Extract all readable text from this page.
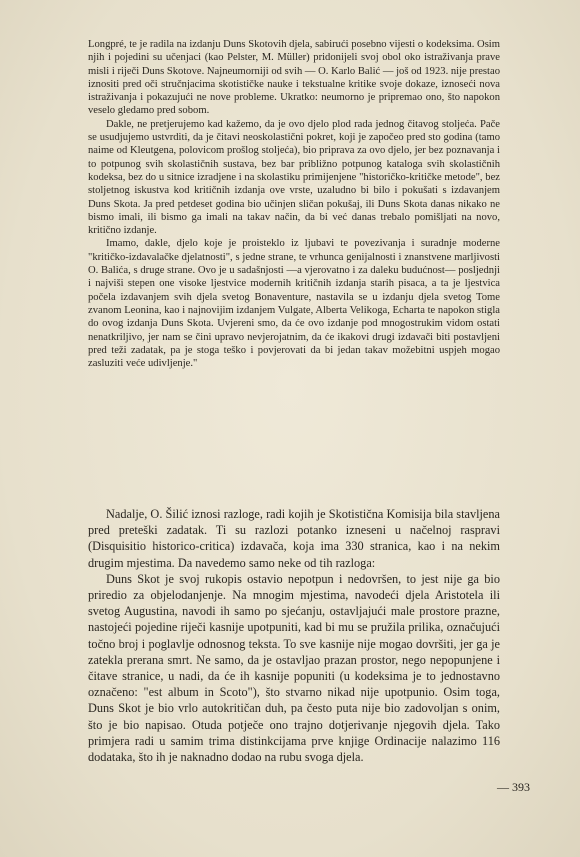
Longpré, te je radila na izdanju Duns Skotovih djela, sabirući posebno vijesti o kodeksima. Osim njih i pojedini su učenjaci (kao Pelster, M. Müller) pridonijeli svoj obol oko istraživanja prave misli i riječi Duns Skotove. Najneumorniji od svih — O. Karlo Balić — još od 1923. nije prestao iznositi pred oči stručnjacima skotističke nauke i tekstualne kritike svoje dokaze, iznoseći nova istraživanja i pokazujući ne nove probleme. Ukratko: neumorno je pripremao ono, što napokon veselo gledamo pred sobom.

Dakle, ne pretjerujemo kad kažemo, da je ovo djelo plod rada jednog čitavog stoljeća. Pače se usudjujemo ustvrditi, da je čitavi neoskolastični pokret, koji je započeo pred sto godina (tamo naime od Kleutgena, polovicom prošlog stoljeća), bio priprava za ovo djelo, jer bez poznavanja i to potpunog svih skolastičnih sustava, bez bar približno potpunog kataloga svih skolastičnih kodeksa, bez do u sitnice izradjene i na skolastiku primijenjene "historičko-kritičke metode", bez stoljetnog iskustva kod kritičnih izdanja ove vrste, uzaludno bi bilo i pokušati s izdavanjem Duns Skota. Ja pred petdeset godina bio učinjen sličan pokušaj, ili Duns Skota danas nikako ne bismo imali, ili bismo ga imali na takav način, da bi već danas trebalo pomišljati na novo, kritično izdanje.

Imamo, dakle, djelo koje je proisteklo iz ljubavi te povezivanja i suradnje moderne "kritičko-izdavalačke djelatnosti", s jedne strane, te vrhunca genijalnosti i znanstvene marljivosti O. Balića, s druge strane. Ovo je u sadašnjosti —a vjerovatno i za daleku budućnost— posljednji i najviši stepen one visoke ljestvice modernih kritičnih izdanja starih pisaca, a ta je ljestvica počela izdavanjem svih djela svetog Bonaventure, nastavila se u izdanju djela svetog Tome zvanom Leonina, kao i najnovijim izdanjem Vulgate, Alberta Velikoga, Echarta te napokon stigla do ovog izdanja Duns Skota. Uvjereni smo, da će ovo izdanje pod mnogostrukim vidom ostati nenatkriljivo, jer nam se čini upravo nevjerojatnim, da će ikakovi drugi izdavači biti postavljeni pred teži zadatak, pa je stoga teško i povjerovati da bi jedan takav možebitni uspjeh mogao zasluziti veće udivljenje."

Nadalje, O. Šilić iznosi razloge, radi kojih je Skotistična Komisija bila stavljena pred preteški zadatak. Ti su razlozi potanko izneseni u načelnoj raspravi (Disquisitio historico-critica) izdavača, koja ima 330 stranica, kao i na nekim drugim mjestima. Da navedemo samo neke od tih razloga:

Duns Skot je svoj rukopis ostavio nepotpun i nedovršen, to jest nije ga bio priredio za objelodanjenje. Na mnogim mjestima, navodeći djela Aristotela ili svetog Augustina, navodi ih samo po sjećanju, ostavljajući male prostore prazne, nastojeći pojedine riječi kasnije upotpuniti, kad bi mu se pružila prilika, označujući točno broj i poglavlje odnosnog teksta. To sve kasnije nije mogao dovršiti, jer ga je zatekla prerana smrt. Ne samo, da je ostavljao prazan prostor, nego nepopunjene i čitave stranice, u nadi, da će ih kasnije popuniti (u kodeksima je to jednostavno označeno: "est album in Scoto"), što stvarno nikad nije upotpunio. Osim toga, Duns Skot je bio vrlo autokritičan duh, pa često puta nije bio zadovoljan s onim, što je bio napisao. Otuda potječe ono trajno dotjerivanje njegovih djela. Tako primjera radi u samim trima distinkcijama prve knjige Ordinacije nalazimo 116 dodataka, što ih je naknadno dodao na rubu svoga djela.

— 393
